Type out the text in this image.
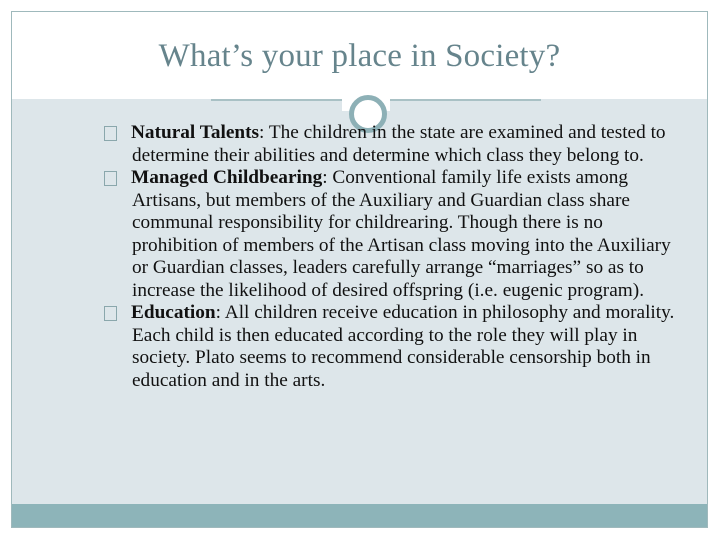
What’s your place in Society?

Natural Talents: The children in the state are examined and tested to determine their abilities and determine which class they belong to.

Managed Childbearing: Conventional family life exists among Artisans, but members of the Auxiliary and Guardian class share communal responsibility for childrearing. Though there is no prohibition of members of the Artisan class moving into the Auxiliary or Guardian classes, leaders carefully arrange “marriages” so as to increase the likelihood of desired offspring (i.e. eugenic program).

Education: All children receive education in philosophy and morality. Each child is then educated according to the role they will play in society. Plato seems to recommend considerable censorship both in education and in the arts.
